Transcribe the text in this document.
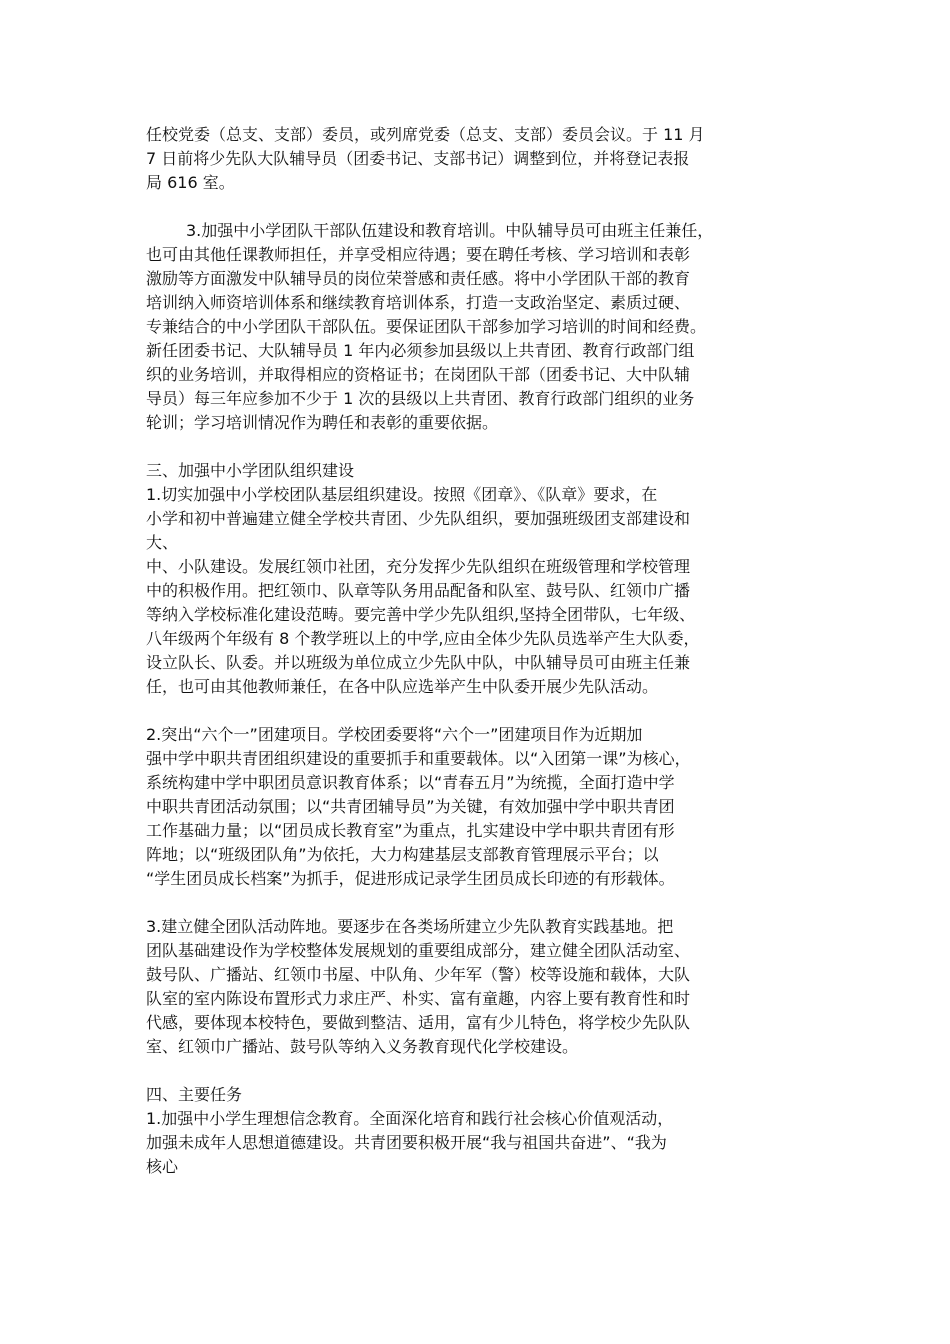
任校党委（总支、支部）委员，或列席党委（总支、支部）委员会议。于 11 月
7 日前将少先队大队辅导员（团委书记、支部书记）调整到位，并将登记表报
局 616 室。
3.加强中小学团队干部队伍建设和教育培训。中队辅导员可由班主任兼任，
也可由其他任课教师担任，并享受相应待遇；要在聘任考核、学习培训和表彰
激励等方面激发中队辅导员的岗位荣誉感和责任感。将中小学团队干部的教育
培训纳入师资培训体系和继续教育培训体系，打造一支政治坚定、素质过硬、
专兼结合的中小学团队干部队伍。要保证团队干部参加学习培训的时间和经费。
新任团委书记、大队辅导员 1 年内必须参加县级以上共青团、教育行政部门组
织的业务培训，并取得相应的资格证书；在岗团队干部（团委书记、大中队辅
导员）每三年应参加不少于 1 次的县级以上共青团、教育行政部门组织的业务
轮训；学习培训情况作为聘任和表彰的重要依据。
三、加强中小学团队组织建设
1.切实加强中小学校团队基层组织建设。按照《团章》、《队章》要求，在
小学和初中普遍建立健全学校共青团、少先队组织，要加强班级团支部建设和
大、
中、小队建设。发展红领巾社团，充分发挥少先队组织在班级管理和学校管理
中的积极作用。把红领巾、队章等队务用品配备和队室、鼓号队、红领巾广播
等纳入学校标准化建设范畴。要完善中学少先队组织,坚持全团带队，七年级、
八年级两个年级有 8 个教学班以上的中学,应由全体少先队员选举产生大队委，
设立队长、队委。并以班级为单位成立少先队中队，中队辅导员可由班主任兼
任，也可由其他教师兼任，在各中队应选举产生中队委开展少先队活动。
2.突出“六个一”团建项目。学校团委要将“六个一”团建项目作为近期加
强中学中职共青团组织建设的重要抓手和重要载体。以“入团第一课”为核心，
系统构建中学中职团员意识教育体系；以“青春五月”为统揽，全面打造中学
中职共青团活动氛围；以“共青团辅导员”为关键，有效加强中学中职共青团
工作基础力量；以“团员成长教育室”为重点，扎实建设中学中职共青团有形
阵地；以“班级团队角”为依托，大力构建基层支部教育管理展示平台；以
“学生团员成长档案”为抓手，促进形成记录学生团员成长印迹的有形载体。
3.建立健全团队活动阵地。要逐步在各类场所建立少先队教育实践基地。把
团队基础建设作为学校整体发展规划的重要组成部分，建立健全团队活动室、
鼓号队、广播站、红领巾书屋、中队角、少年军（警）校等设施和载体，大队
队室的室内陈设布置形式力求庄严、朴实、富有童趣，内容上要有教育性和时
代感，要体现本校特色，要做到整洁、适用，富有少儿特色，将学校少先队队
室、红领巾广播站、鼓号队等纳入义务教育现代化学校建设。
四、主要任务
1.加强中小学生理想信念教育。全面深化培育和践行社会核心价值观活动，
加强未成年人思想道德建设。共青团要积极开展“我与祖国共奋进”、“我为
核心
